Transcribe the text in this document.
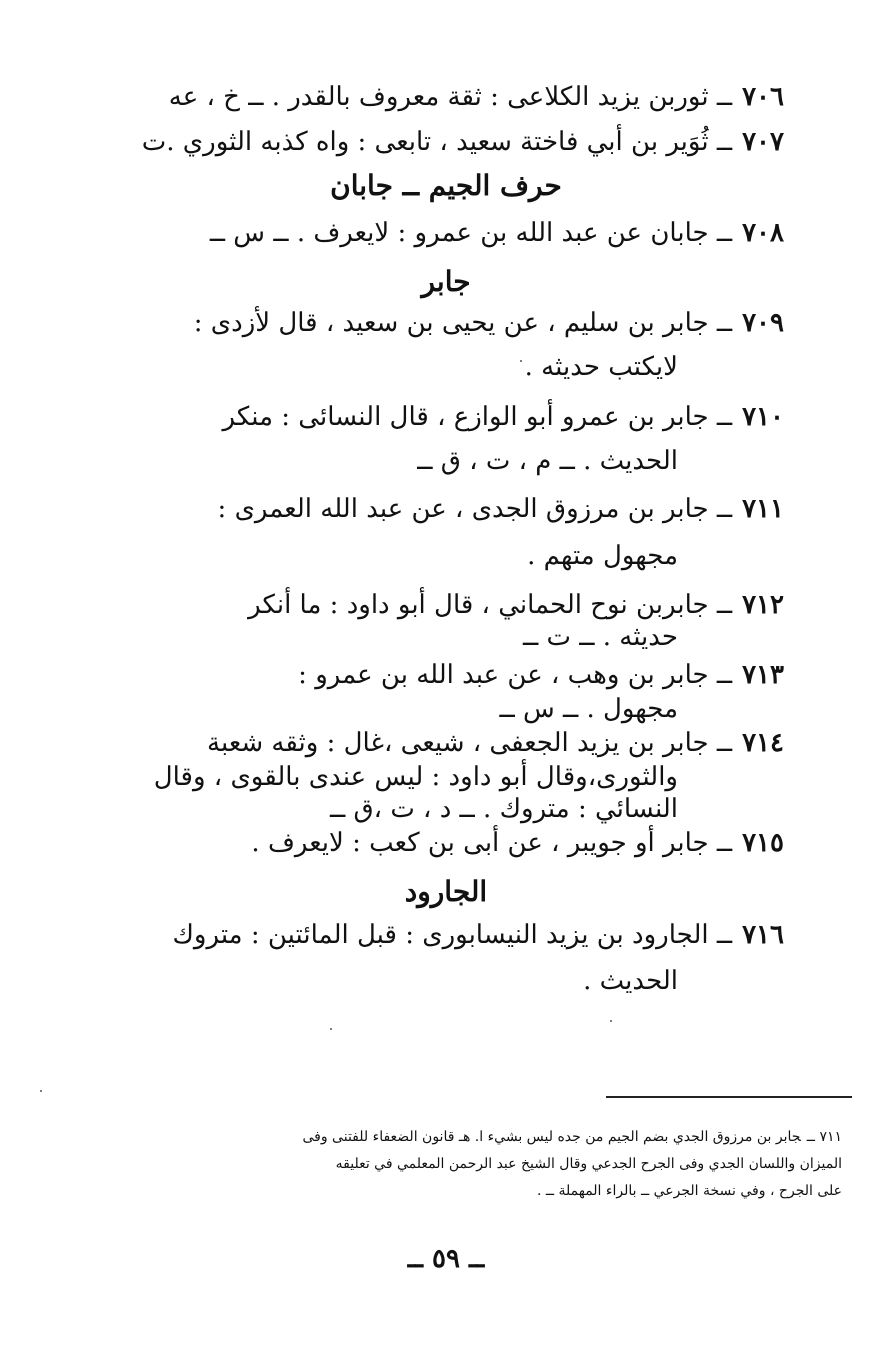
٧٠٦ــ ثوربن يزيد الكلاعى : ثقة معروف بالقدر . ــ خ ، عه
٧٠٧ــ ثُوَير بن أبي فاختة سعيد ، تابعى : واه كذبه الثوري .ت
حرف الجيم ــ جابان
٧٠٨ــ جابان عن عبد الله بن عمرو : لايعرف . ــ س ــ
جابر
٧٠٩ــ جابر بن سليم ، عن يحيى بن سعيد ، قال لأزدى :
لايكتب حديثه .
٧١٠ــ جابر بن عمرو أبو الوازع ، قال النسائى : منكر
الحديث . ــ م ، ت ، ق ــ
٧١١ــ جابر بن مرزوق الجدى ، عن عبد الله العمرى :
مجهول متهم .
٧١٢ــ جابربن نوح الحماني ، قال أبو داود : ما أنكر
حديثه . ــ ت ــ
٧١٣ــ جابر بن وهب ، عن عبد الله بن عمرو :
مجهول . ــ س ــ
٧١٤ــ جابر بن يزيد الجعفى ، شيعى ،غال : وثقه شعبة
والثورى،وقال أبو داود : ليس عندى بالقوى ، وقال
النسائي : متروك . ــ د ، ت ،ق ــ
٧١٥ــ جابر أو جويبر ، عن أبى بن كعب : لايعرف .
الجارود
٧١٦ــ الجارود بن يزيد النيسابورى : قبل المائتين : متروك
الحديث .
٧١١ ــجابر بن مرزوق الجدي بضم الجيم من جده ليس بشيء ا. هـ قانون الضعفاء للفتنى وفى
الميزان واللسان الجدي وفى الجرح الجدعي وقال الشيخ عبد الرحمن المعلمي في تعليقه
على الجرح ، وفي نسخة الجرعي ــ بالراء المهملة ــ .
ــ ٥٩ ــ
